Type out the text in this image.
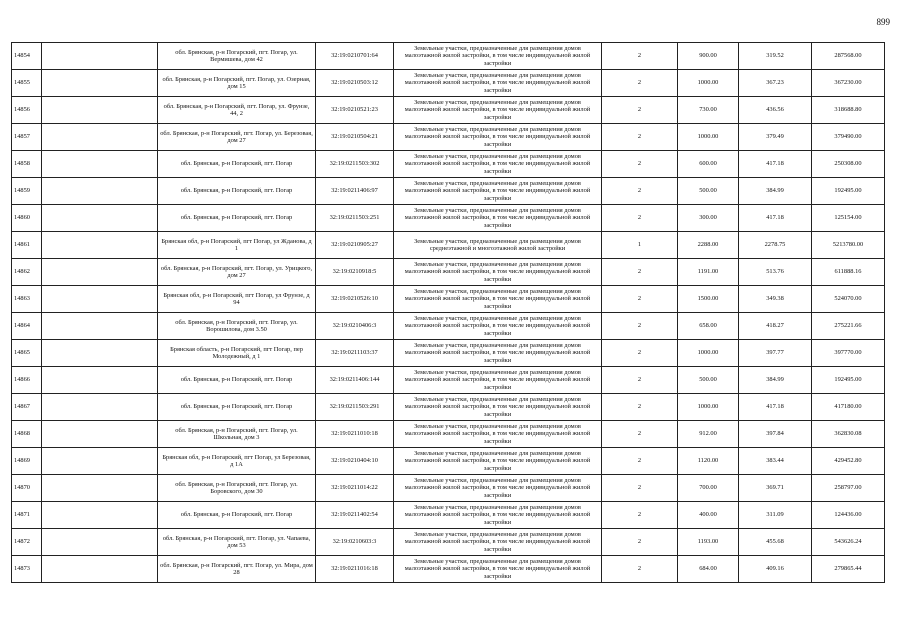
899
14854		обл. Брянская, р-н Погарский, пгт. Погар, ул. Вермишева, дом 42	32:19:0210701:64	Земельные участки, предназначенные для размещения домов малоэтажной жилой застройки, в том числе индивидуальной жилой застройки	2	900.00	319.52	287568.00
14855		обл. Брянская, р-н Погарский, пгт. Погар, ул. Озерная, дом 15	32:19:0210503:12	Земельные участки, предназначенные для размещения домов малоэтажной жилой застройки, в том числе индивидуальной жилой застройки	2	1000.00	367.23	367230.00
14856		обл. Брянская, р-н Погарский, пгт. Погар, ул. Фрунзе, 44, 2	32:19:0210521:23	Земельные участки, предназначенные для размещения домов малоэтажной жилой застройки, в том числе индивидуальной жилой застройки	2	730.00	436.56	318688.80
14857		обл. Брянская, р-н Погарский, пгт. Погар, ул. Березовая, дом 27	32:19:0210504:21	Земельные участки, предназначенные для размещения домов малоэтажной жилой застройки, в том числе индивидуальной жилой застройки	2	1000.00	379.49	379490.00
14858		обл. Брянская, р-н Погарский, пгт. Погар	32:19:0211503:302	Земельные участки, предназначенные для размещения домов малоэтажной жилой застройки, в том числе индивидуальной жилой застройки	2	600.00	417.18	250308.00
14859		обл. Брянская, р-н Погарский, пгт. Погар	32:19:0211406:97	Земельные участки, предназначенные для размещения домов малоэтажной жилой застройки, в том числе индивидуальной жилой застройки	2	500.00	384.99	192495.00
14860		обл. Брянская, р-н Погарский, пгт. Погар	32:19:0211503:251	Земельные участки, предназначенные для размещения домов малоэтажной жилой застройки, в том числе индивидуальной жилой застройки	2	300.00	417.18	125154.00
14861		Брянская обл, р-н Погарский, пгт Погар, ул Жданова, д 1	32:19:0210905:27	Земельные участки, предназначенные для размещения домов среднеэтажной и многоэтажной жилой застройки	1	2288.00	2278.75	5213780.00
14862		обл. Брянская, р-н Погарский, пгт. Погар, ул. Урицкого, дом 27	32:19:0210918:5	Земельные участки, предназначенные для размещения домов малоэтажной жилой застройки, в том числе индивидуальной жилой застройки	2	1191.00	513.76	611888.16
14863		Брянская обл, р-н Погарский, пгт Погар, ул Фрунзе, д 94	32:19:0210526:10	Земельные участки, предназначенные для размещения домов малоэтажной жилой застройки, в том числе индивидуальной жилой застройки	2	1500.00	349.38	524070.00
14864		обл. Брянская, р-н Погарский, пгт. Погар, ул. Ворошилова, дом 3.50	32:19:0210406:3	Земельные участки, предназначенные для размещения домов малоэтажной жилой застройки, в том числе индивидуальной жилой застройки	2	658.00	418.27	275221.66
14865		Брянская область, р-н Погарский, пгт Погар, пер Молодежный, д 1	32:19:0211103:37	Земельные участки, предназначенные для размещения домов малоэтажной жилой застройки, в том числе индивидуальной жилой застройки	2	1000.00	397.77	397770.00
14866		обл. Брянская, р-н Погарский, пгт. Погар	32:19:0211406:144	Земельные участки, предназначенные для размещения домов малоэтажной жилой застройки, в том числе индивидуальной жилой застройки	2	500.00	384.99	192495.00
14867		обл. Брянская, р-н Погарский, пгт. Погар	32:19:0211503:291	Земельные участки, предназначенные для размещения домов малоэтажной жилой застройки, в том числе индивидуальной жилой застройки	2	1000.00	417.18	417180.00
14868		обл. Брянская, р-н Погарский, пгт. Погар, ул. Школьная, дом 3	32:19:0211010:18	Земельные участки, предназначенные для размещения домов малоэтажной жилой застройки, в том числе индивидуальной жилой застройки	2	912.00	397.84	362830.08
14869		Брянская обл, р-н Погарский, пгт Погар, ул Березовая, д 1А	32:19:0210404:10	Земельные участки, предназначенные для размещения домов малоэтажной жилой застройки, в том числе индивидуальной жилой застройки	2	1120.00	383.44	429452.80
14870		обл. Брянская, р-н Погарский, пгт. Погар, ул. Боровского, дом 30	32:19:0211014:22	Земельные участки, предназначенные для размещения домов малоэтажной жилой застройки, в том числе индивидуальной жилой застройки	2	700.00	369.71	258797.00
14871		обл. Брянская, р-н Погарский, пгт. Погар	32:19:0211402:54	Земельные участки, предназначенные для размещения домов малоэтажной жилой застройки, в том числе индивидуальной жилой застройки	2	400.00	311.09	124436.00
14872		обл. Брянская, р-н Погарский, пгт. Погар, ул. Чапаева, дом 53	32:19:0210603:3	Земельные участки, предназначенные для размещения домов малоэтажной жилой застройки, в том числе индивидуальной жилой застройки	2	1193.00	455.68	543626.24
14873		обл. Брянская, р-н Погарский, пгт. Погар, ул. Мира, дом 28	32:19:0211016:18	Земельные участки, предназначенные для размещения домов малоэтажной жилой застройки, в том числе индивидуальной жилой застройки	2	684.00	409.16	279865.44
